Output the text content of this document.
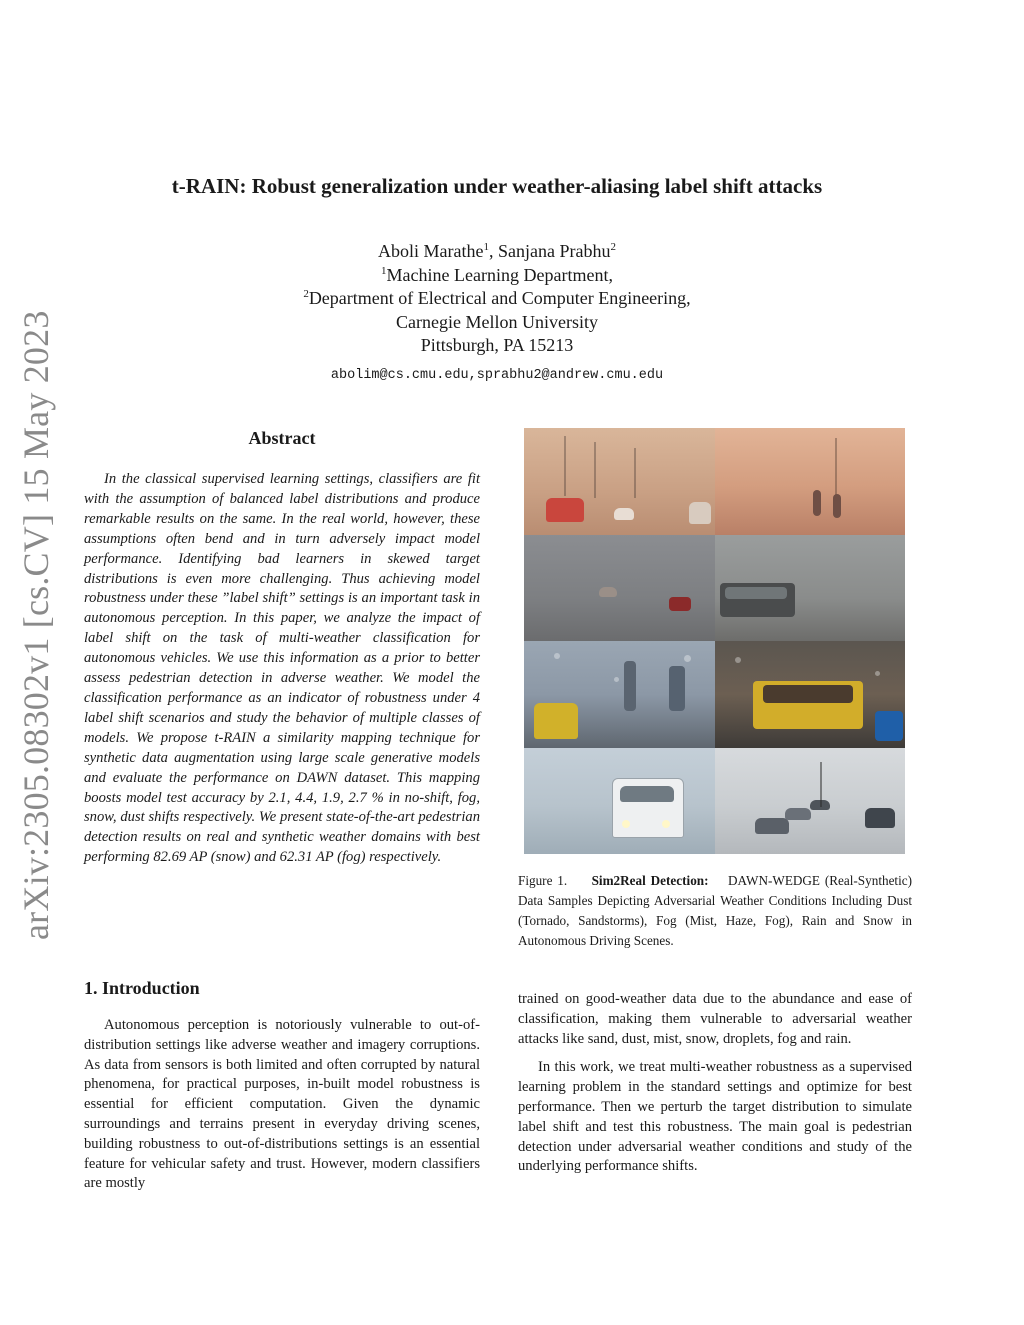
arXiv:2305.08302v1 [cs.CV] 15 May 2023
t-RAIN: Robust generalization under weather-aliasing label shift attacks
Aboli Marathe$^1$, Sanjana Prabhu$^2$
$^1$Machine Learning Department,
$^2$Department of Electrical and Computer Engineering,
Carnegie Mellon University
Pittsburgh, PA 15213
abolim@cs.cmu.edu,sprabhu2@andrew.cmu.edu
Abstract

In the classical supervised learning settings, classifiers are fit with the assumption of balanced label distributions and produce remarkable results on the same. In the real world, however, these assumptions often bend and in turn adversely impact model performance. Identifying bad learners in skewed target distributions is even more challenging. Thus achieving model robustness under these ”label shift” settings is an important task in autonomous perception. In this paper, we analyze the impact of label shift on the task of multi-weather classification for autonomous vehicles. We use this information as a prior to better assess pedestrian detection in adverse weather. We model the classification performance as an indicator of robustness under 4 label shift scenarios and study the behavior of multiple classes of models. We propose t-RAIN a similarity mapping technique for synthetic data augmentation using large scale generative models and evaluate the performance on DAWN dataset. This mapping boosts model test accuracy by 2.1, 4.4, 1.9, 2.7 % in no-shift, fog, snow, dust shifts respectively. We present state-of-the-art pedestrian detection results on real and synthetic weather domains with best performing 82.69 AP (snow) and 62.31 AP (fog) respectively.

Figure 1. Sim2Real Detection: DAWN-WEDGE (Real-Synthetic) Data Samples Depicting Adversarial Weather Conditions Including Dust (Tornado, Sandstorms), Fog (Mist, Haze, Fog), Rain and Snow in Autonomous Driving Scenes.

1. Introduction

Autonomous perception is notoriously vulnerable to out-of-distribution settings like adverse weather and imagery corruptions. As data from sensors is both limited and often corrupted by natural phenomena, for practical purposes, in-built model robustness is essential for efficient computation. Given the dynamic surroundings and terrains present in everyday driving scenes, building robustness to out-of-distributions settings is an essential feature for vehicular safety and trust. However, modern classifiers are mostly

trained on good-weather data due to the abundance and ease of classification, making them vulnerable to adversarial weather attacks like sand, dust, mist, snow, droplets, fog and rain.

In this work, we treat multi-weather robustness as a supervised learning problem in the standard settings and optimize for best performance. Then we perturb the target distribution to simulate label shift and test this robustness. The main goal is pedestrian detection under adversarial weather conditions and study of the underlying performance shifts.
